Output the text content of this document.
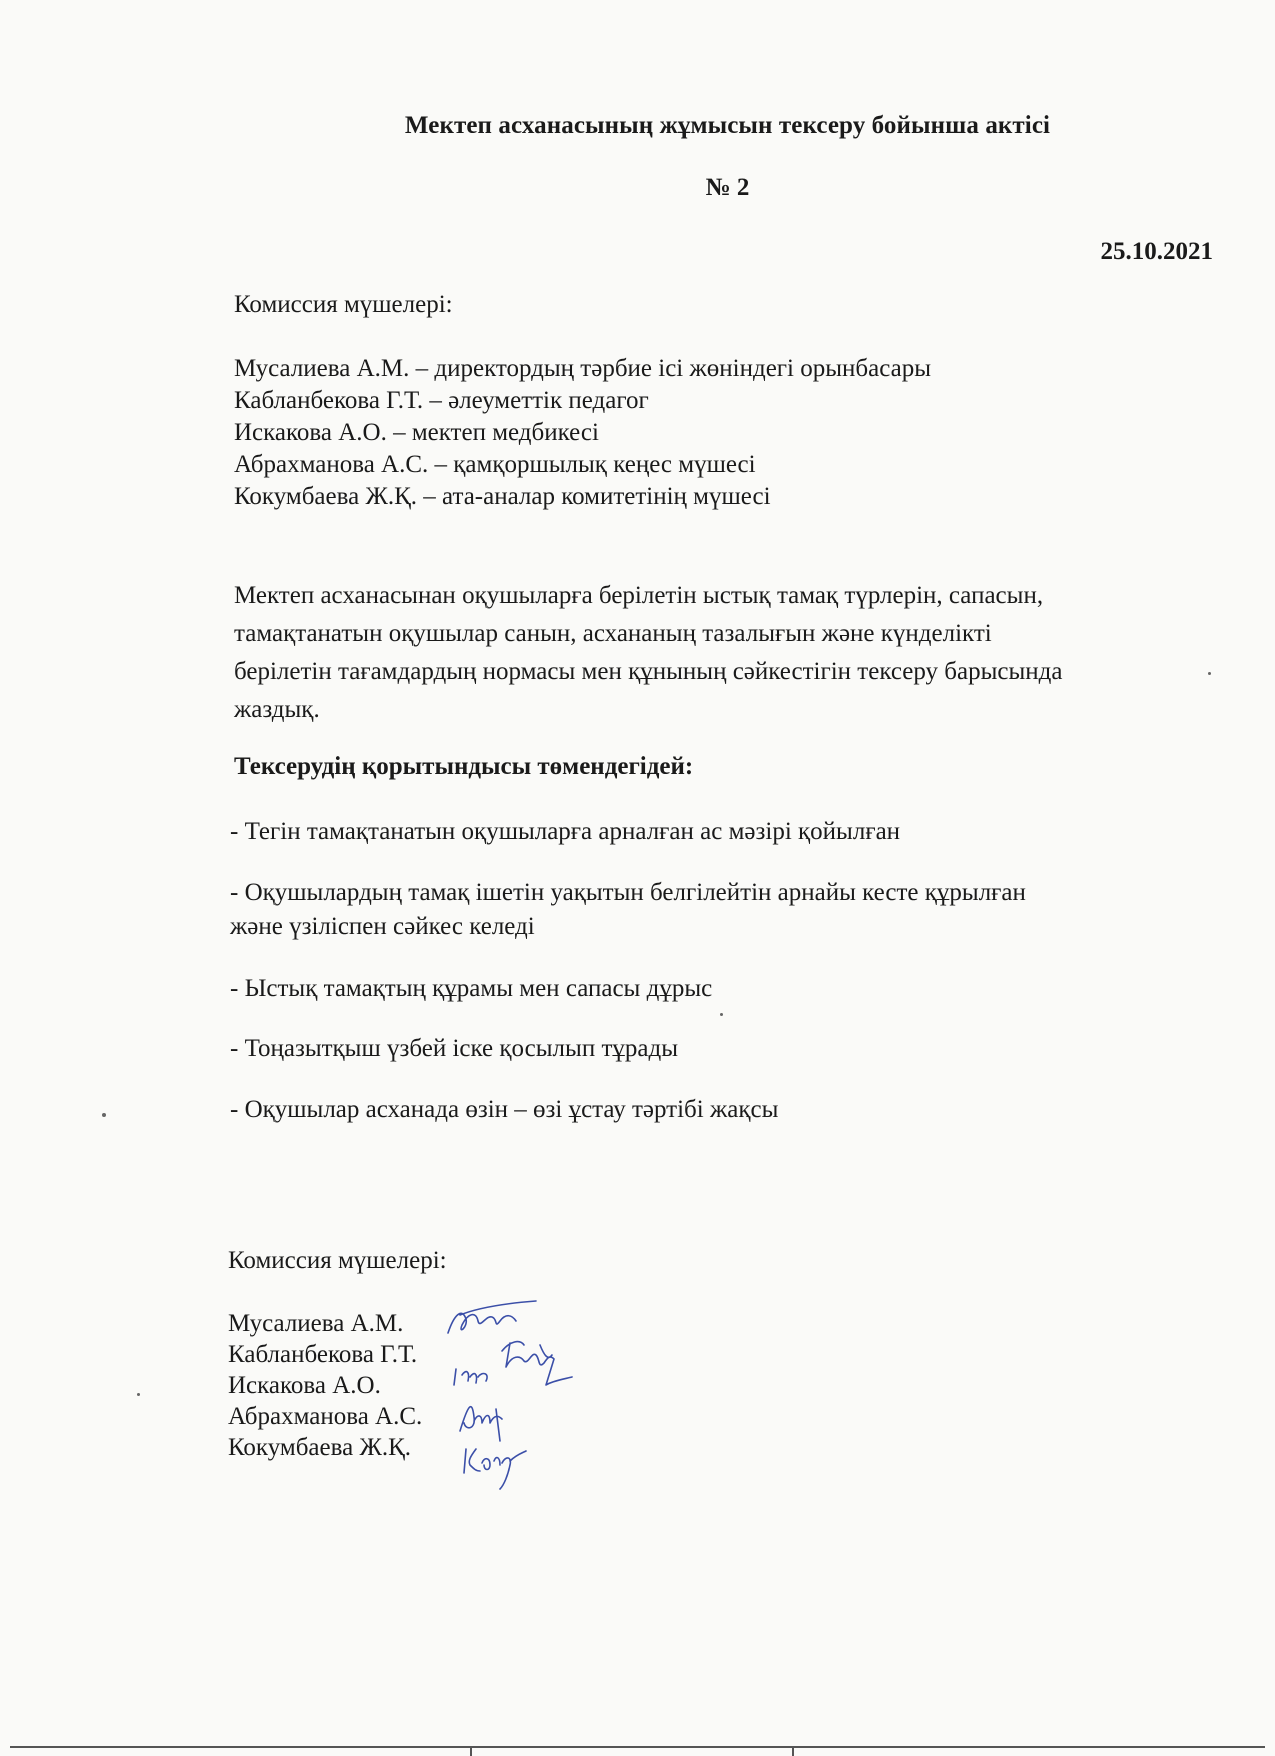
Мектеп асханасының жұмысын тексеру бойынша актісі
№ 2
25.10.2021
Комиссия мүшелері:
Мусалиева А.М. – директордың тәрбие ісі жөніндегі орынбасары
Кабланбекова Г.Т. – әлеуметтік педагог
Искакова А.О. – мектеп медбикесі
Абрахманова А.С. – қамқоршылық кеңес мүшесі
Кокумбаева Ж.Қ. – ата-аналар комитетінің мүшесі
Мектеп асханасынан оқушыларға берілетін ыстық тамақ түрлерін, сапасын,
тамақтанатын оқушылар санын, асхананың тазалығын және күнделікті
берілетін тағамдардың нормасы мен құнының сәйкестігін тексеру барысында
жаздық.
Тексерудің қорытындысы төмендегідей:
- Тегін тамақтанатын оқушыларға арналған ас мәзірі қойылған
- Оқушылардың тамақ ішетін уақытын белгілейтін арнайы кесте құрылған
және үзіліспен сәйкес келеді
- Ыстық тамақтың құрамы мен сапасы дұрыс
- Тоңазытқыш үзбей іске қосылып тұрады
- Оқушылар асханада өзін – өзі ұстау тәртібі жақсы
Комиссия мүшелері:
Мусалиева А.М.
Кабланбекова Г.Т.
Искакова А.О.
Абрахманова А.С.
Кокумбаева Ж.Қ.
